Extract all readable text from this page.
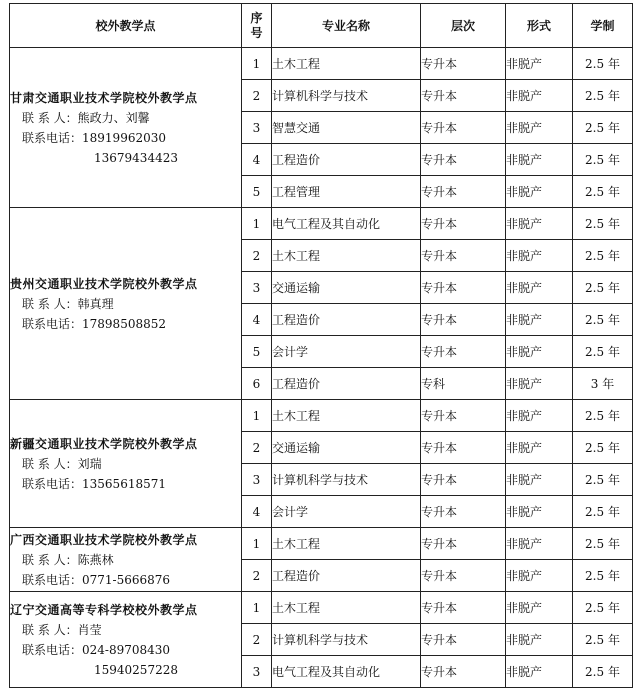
校外教学点	序
号	专业名称	层次	形式	学制

甘肃交通职业技术学院校外教学点
联 系 人：熊政力、刘馨
联系电话：18919962030
13679434423	1	土木工程	专升本	非脱产	2.5 年
	2	计算机科学与技术	专升本	非脱产	2.5 年
	3	智慧交通	专升本	非脱产	2.5 年
	4	工程造价	专升本	非脱产	2.5 年
	5	工程管理	专升本	非脱产	2.5 年

贵州交通职业技术学院校外教学点
联 系 人：韩真理
联系电话：17898508852	1	电气工程及其自动化	专升本	非脱产	2.5 年
	2	土木工程	专升本	非脱产	2.5 年
	3	交通运输	专升本	非脱产	2.5 年
	4	工程造价	专升本	非脱产	2.5 年
	5	会计学	专升本	非脱产	2.5 年
	6	工程造价	专科	非脱产	3 年

新疆交通职业技术学院校外教学点
联 系 人：刘瑞
联系电话：13565618571	1	土木工程	专升本	非脱产	2.5 年
	2	交通运输	专升本	非脱产	2.5 年
	3	计算机科学与技术	专升本	非脱产	2.5 年
	4	会计学	专升本	非脱产	2.5 年

广西交通职业技术学院校外教学点
联 系 人：陈燕林
联系电话：0771-5666876	1	土木工程	专升本	非脱产	2.5 年
	2	工程造价	专升本	非脱产	2.5 年

辽宁交通高等专科学校校外教学点
联 系 人：肖莹
联系电话：024-89708430
15940257228	1	土木工程	专升本	非脱产	2.5 年
	2	计算机科学与技术	专升本	非脱产	2.5 年
	3	电气工程及其自动化	专升本	非脱产	2.5 年
